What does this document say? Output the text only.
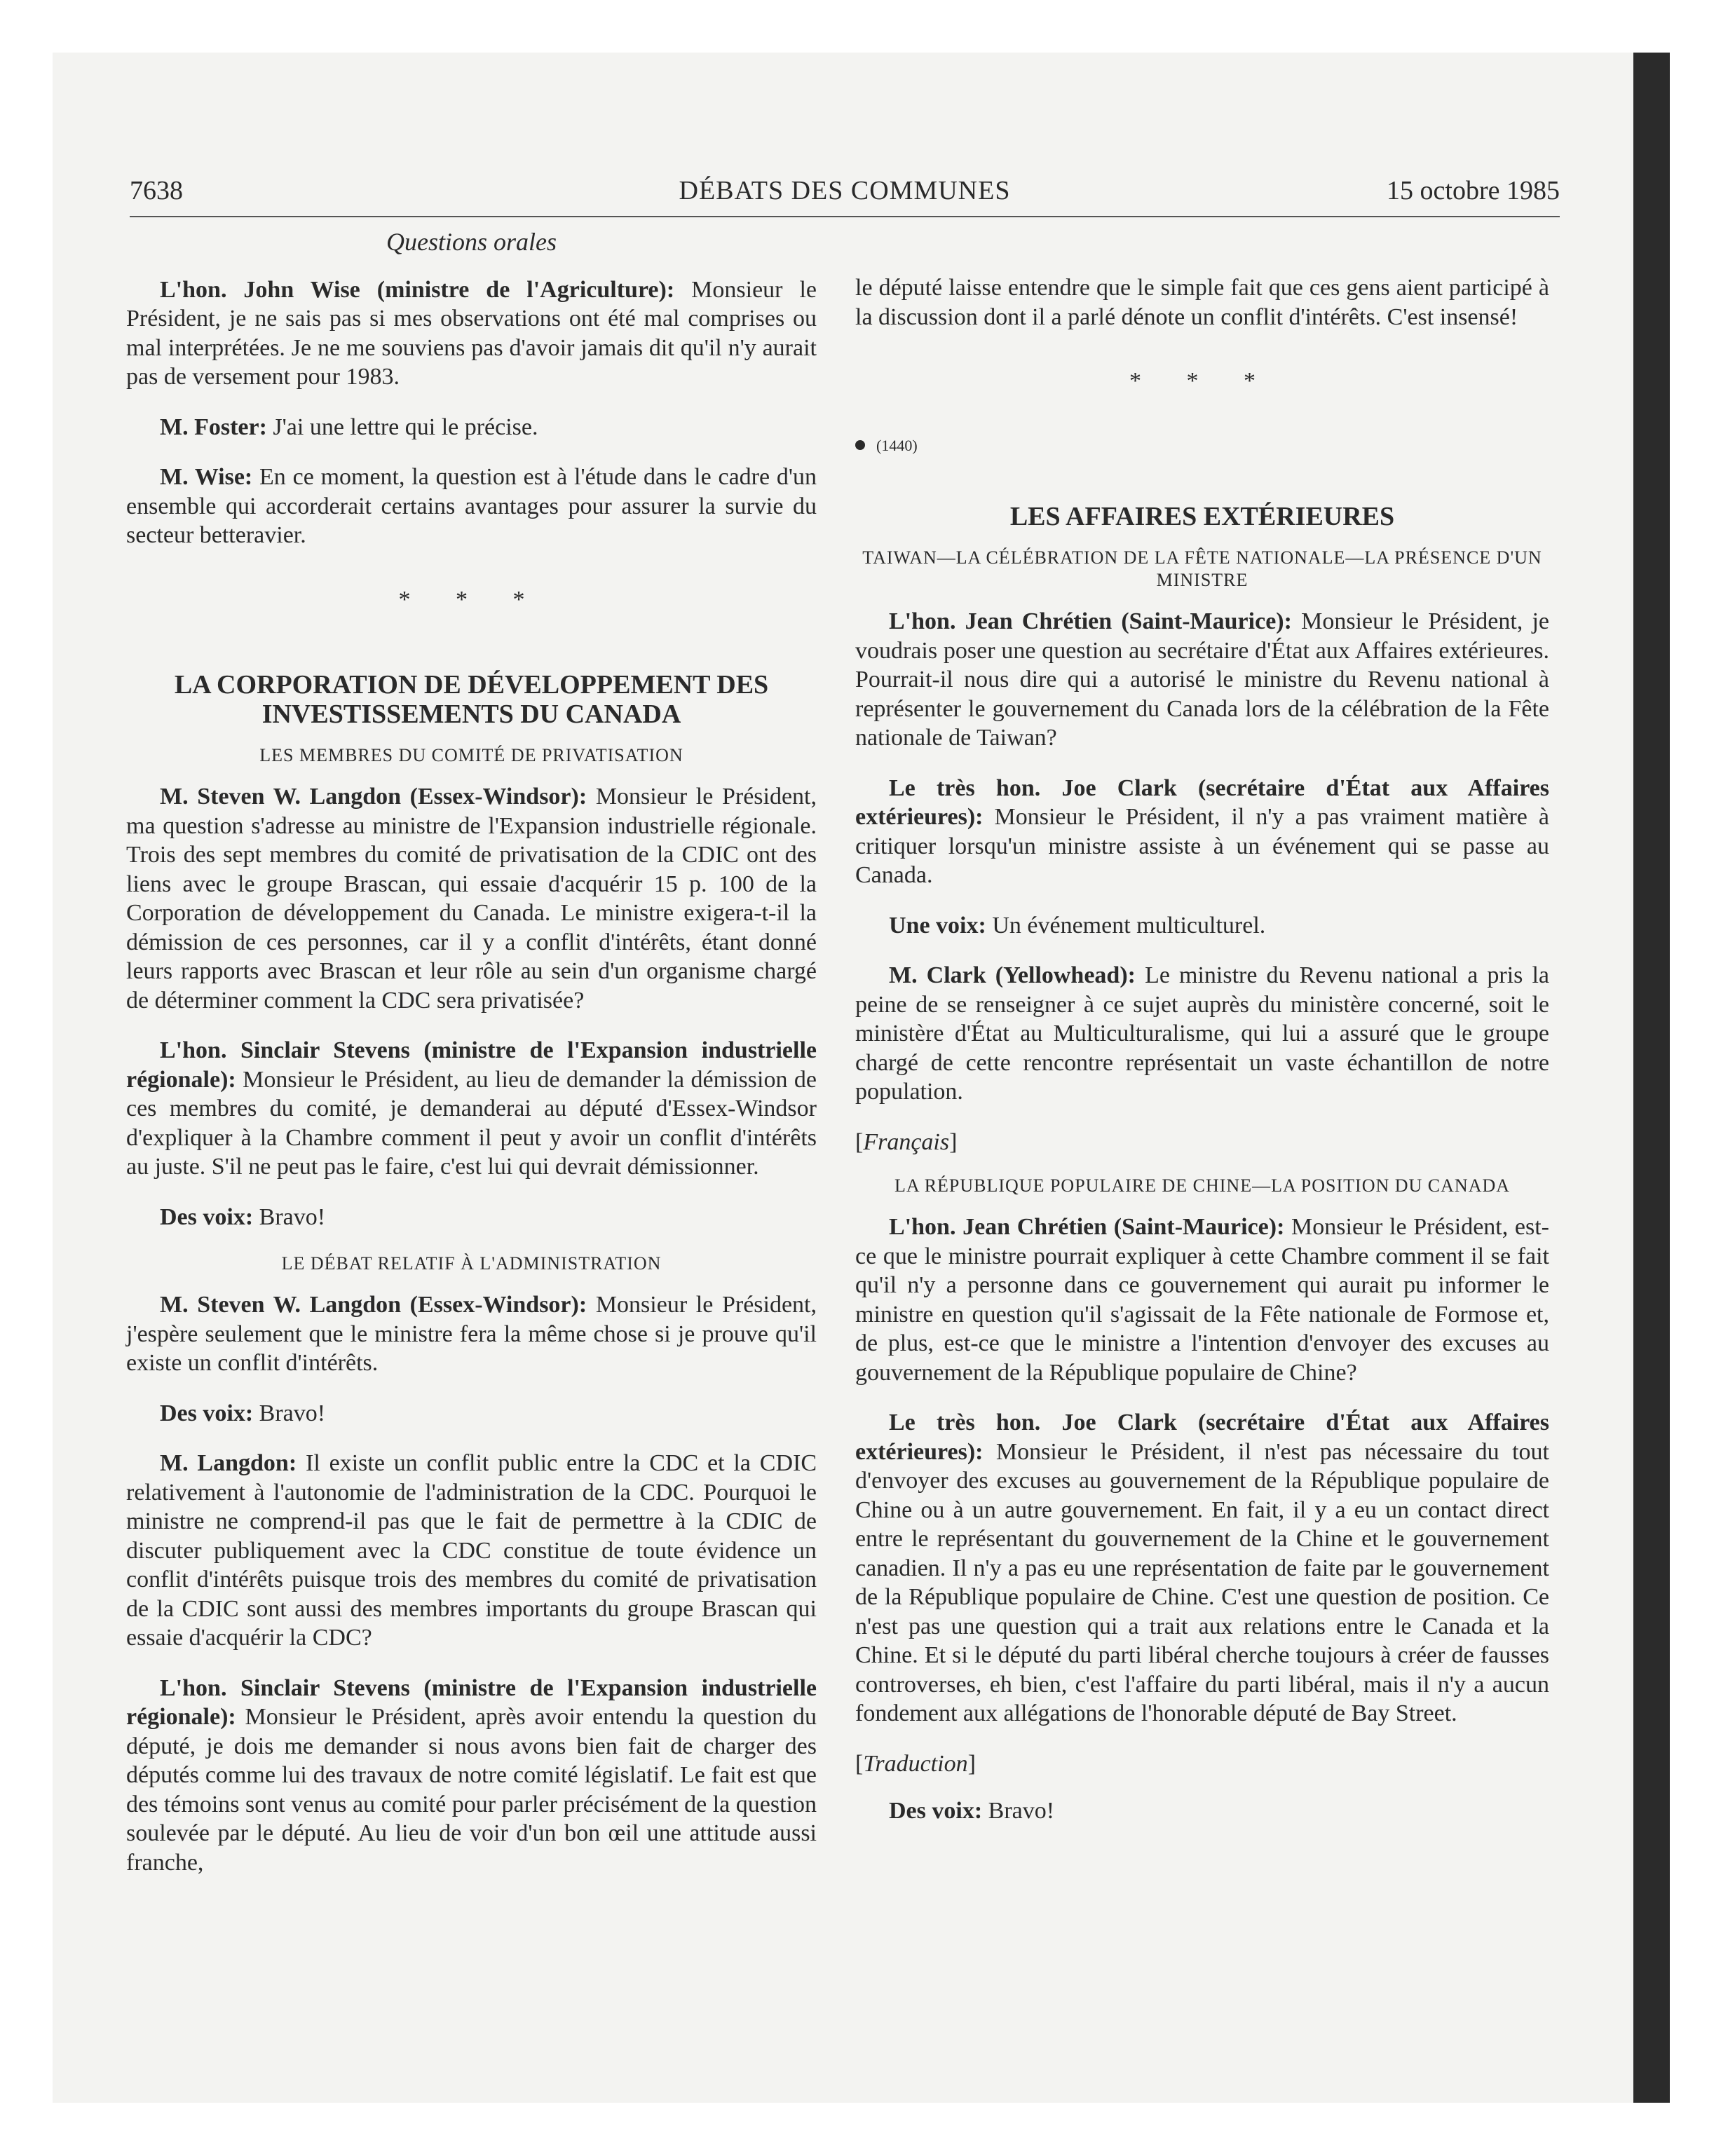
7638	DÉBATS DES COMMUNES	15 octobre 1985
Questions orales

L'hon. John Wise (ministre de l'Agriculture): Monsieur le Président, je ne sais pas si mes observations ont été mal comprises ou mal interprétées. Je ne me souviens pas d'avoir jamais dit qu'il n'y aurait pas de versement pour 1983.

M. Foster: J'ai une lettre qui le précise.

M. Wise: En ce moment, la question est à l'étude dans le cadre d'un ensemble qui accorderait certains avantages pour assurer la survie du secteur betteravier.

* * *
LA CORPORATION DE DÉVELOPPEMENT DES INVESTISSEMENTS DU CANADA
LES MEMBRES DU COMITÉ DE PRIVATISATION

M. Steven W. Langdon (Essex-Windsor): Monsieur le Président, ma question s'adresse au ministre de l'Expansion industrielle régionale. Trois des sept membres du comité de privatisation de la CDIC ont des liens avec le groupe Brascan, qui essaie d'acquérir 15 p. 100 de la Corporation de développement du Canada. Le ministre exigera-t-il la démission de ces personnes, car il y a conflit d'intérêts, étant donné leurs rapports avec Brascan et leur rôle au sein d'un organisme chargé de déterminer comment la CDC sera privatisée?

L'hon. Sinclair Stevens (ministre de l'Expansion industrielle régionale): Monsieur le Président, au lieu de demander la démission de ces membres du comité, je demanderai au député d'Essex-Windsor d'expliquer à la Chambre comment il peut y avoir un conflit d'intérêts au juste. S'il ne peut pas le faire, c'est lui qui devrait démissionner.

Des voix: Bravo!

LE DÉBAT RELATIF À L'ADMINISTRATION

M. Steven W. Langdon (Essex-Windsor): Monsieur le Président, j'espère seulement que le ministre fera la même chose si je prouve qu'il existe un conflit d'intérêts.

Des voix: Bravo!

M. Langdon: Il existe un conflit public entre la CDC et la CDIC relativement à l'autonomie de l'administration de la CDC. Pourquoi le ministre ne comprend-il pas que le fait de permettre à la CDIC de discuter publiquement avec la CDC constitue de toute évidence un conflit d'intérêts puisque trois des membres du comité de privatisation de la CDIC sont aussi des membres importants du groupe Brascan qui essaie d'acquérir la CDC?

L'hon. Sinclair Stevens (ministre de l'Expansion industrielle régionale): Monsieur le Président, après avoir entendu la question du député, je dois me demander si nous avons bien fait de charger des députés comme lui des travaux de notre comité législatif. Le fait est que des témoins sont venus au comité pour parler précisément de la question soulevée par le député. Au lieu de voir d'un bon œil une attitude aussi franche,

le député laisse entendre que le simple fait que ces gens aient participé à la discussion dont il a parlé dénote un conflit d'intérêts. C'est insensé!

* * *
(1440)
LES AFFAIRES EXTÉRIEURES
TAIWAN—LA CÉLÉBRATION DE LA FÊTE NATIONALE—LA PRÉSENCE D'UN MINISTRE

L'hon. Jean Chrétien (Saint-Maurice): Monsieur le Président, je voudrais poser une question au secrétaire d'État aux Affaires extérieures. Pourrait-il nous dire qui a autorisé le ministre du Revenu national à représenter le gouvernement du Canada lors de la célébration de la Fête nationale de Taiwan?

Le très hon. Joe Clark (secrétaire d'État aux Affaires extérieures): Monsieur le Président, il n'y a pas vraiment matière à critiquer lorsqu'un ministre assiste à un événement qui se passe au Canada.

Une voix: Un événement multiculturel.

M. Clark (Yellowhead): Le ministre du Revenu national a pris la peine de se renseigner à ce sujet auprès du ministère concerné, soit le ministère d'État au Multiculturalisme, qui lui a assuré que le groupe chargé de cette rencontre représentait un vaste échantillon de notre population.

[Français]
LA RÉPUBLIQUE POPULAIRE DE CHINE—LA POSITION DU CANADA

L'hon. Jean Chrétien (Saint-Maurice): Monsieur le Président, est-ce que le ministre pourrait expliquer à cette Chambre comment il se fait qu'il n'y a personne dans ce gouvernement qui aurait pu informer le ministre en question qu'il s'agissait de la Fête nationale de Formose et, de plus, est-ce que le ministre a l'intention d'envoyer des excuses au gouvernement de la République populaire de Chine?

Le très hon. Joe Clark (secrétaire d'État aux Affaires extérieures): Monsieur le Président, il n'est pas nécessaire du tout d'envoyer des excuses au gouvernement de la République populaire de Chine ou à un autre gouvernement. En fait, il y a eu un contact direct entre le représentant du gouvernement de la Chine et le gouvernement canadien. Il n'y a pas eu une représentation de faite par le gouvernement de la République populaire de Chine. C'est une question de position. Ce n'est pas une question qui a trait aux relations entre le Canada et la Chine. Et si le député du parti libéral cherche toujours à créer de fausses controverses, eh bien, c'est l'affaire du parti libéral, mais il n'y a aucun fondement aux allégations de l'honorable député de Bay Street.

[Traduction]

Des voix: Bravo!
